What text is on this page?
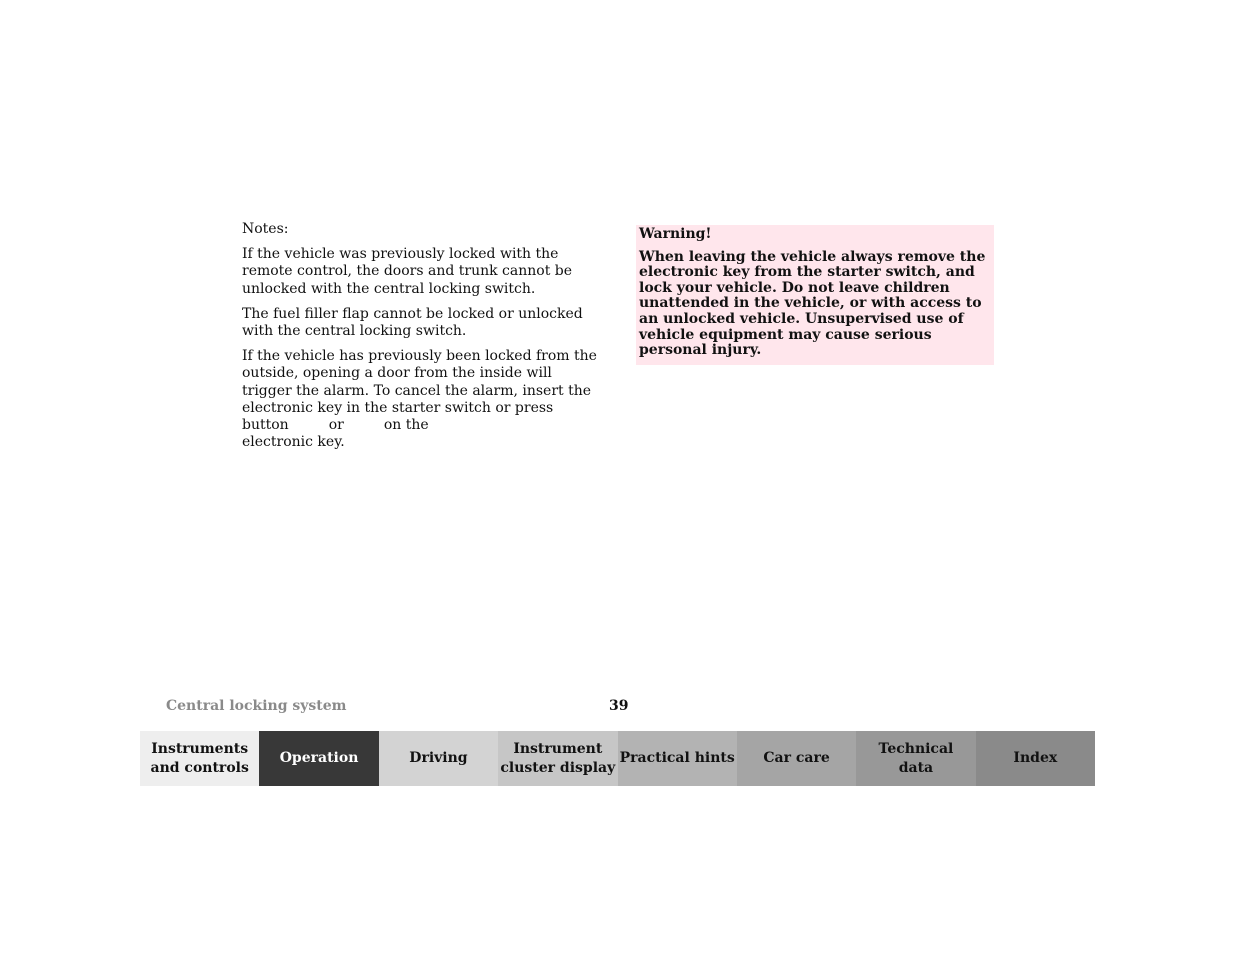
Notes:

If the vehicle was previously locked with the remote control, the doors and trunk cannot be unlocked with the central locking switch.

The fuel filler flap cannot be locked or unlocked with the central locking switch.

If the vehicle has previously been locked from the outside, opening a door from the inside will trigger the alarm. To cancel the alarm, insert the electronic key in the starter switch or press button	or	on the
electronic key.

Warning!

When leaving the vehicle always remove the electronic key from the starter switch, and lock your vehicle. Do not leave children unattended in the vehicle, or with access to an unlocked vehicle. Unsupervised use of vehicle equipment may cause serious personal injury.

Central locking system	39
Instruments
and controls
Operation	Driving
Instrument
cluster display
Practical hints	Car care
Technical
data
Index
